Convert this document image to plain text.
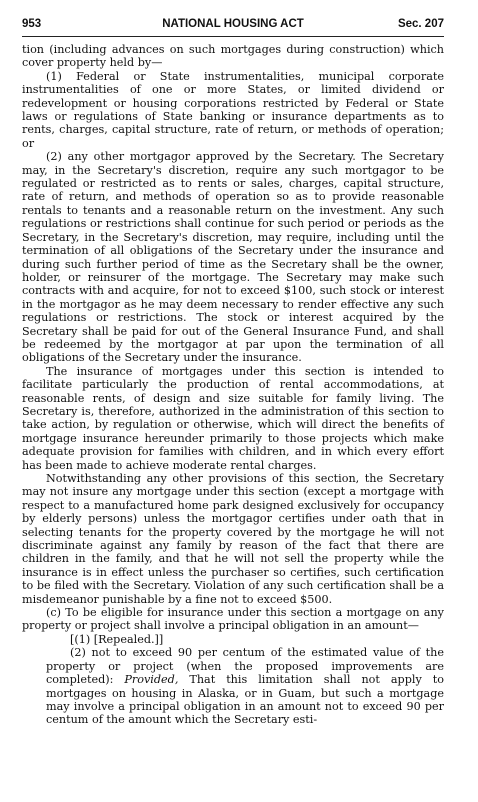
953	NATIONAL HOUSING ACT	Sec. 207

tion (including advances on such mortgages during construction) which cover property held by—

(1) Federal or State instrumentalities, municipal corporate instrumentalities of one or more States, or limited dividend or redevelopment or housing corporations restricted by Federal or State laws or regulations of State banking or insurance departments as to rents, charges, capital structure, rate of return, or methods of operation; or

(2) any other mortgagor approved by the Secretary. The Secretary may, in the Secretary's discretion, require any such mortgagor to be regulated or restricted as to rents or sales, charges, capital structure, rate of return, and methods of operation so as to provide reasonable rentals to tenants and a reasonable return on the investment. Any such regulations or restrictions shall continue for such period or periods as the Secretary, in the Secretary's discretion, may require, including until the termination of all obligations of the Secretary under the insurance and during such further period of time as the Secretary shall be the owner, holder, or reinsurer of the mortgage. The Secretary may make such contracts with and acquire, for not to exceed $100, such stock or interest in the mortgagor as he may deem necessary to render effective any such regulations or restrictions. The stock or interest acquired by the Secretary shall be paid for out of the General Insurance Fund, and shall be redeemed by the mortgagor at par upon the termination of all obligations of the Secretary under the insurance.

The insurance of mortgages under this section is intended to facilitate particularly the production of rental accommodations, at reasonable rents, of design and size suitable for family living. The Secretary is, therefore, authorized in the administration of this section to take action, by regulation or otherwise, which will direct the benefits of mortgage insurance hereunder primarily to those projects which make adequate provision for families with children, and in which every effort has been made to achieve moderate rental charges.

Notwithstanding any other provisions of this section, the Secretary may not insure any mortgage under this section (except a mortgage with respect to a manufactured home park designed exclusively for occupancy by elderly persons) unless the mortgagor certifies under oath that in selecting tenants for the property covered by the mortgage he will not discriminate against any family by reason of the fact that there are children in the family, and that he will not sell the property while the insurance is in effect unless the purchaser so certifies, such certification to be filed with the Secretary. Violation of any such certification shall be a misdemeanor punishable by a fine not to exceed $500.

(c) To be eligible for insurance under this section a mortgage on any property or project shall involve a principal obligation in an amount—

[(1) [Repealed.]]

(2) not to exceed 90 per centum of the estimated value of the property or project (when the proposed improvements are completed): Provided, That this limitation shall not apply to mortgages on housing in Alaska, or in Guam, but such a mortgage may involve a principal obligation in an amount not to exceed 90 per centum of the amount which the Secretary esti-
